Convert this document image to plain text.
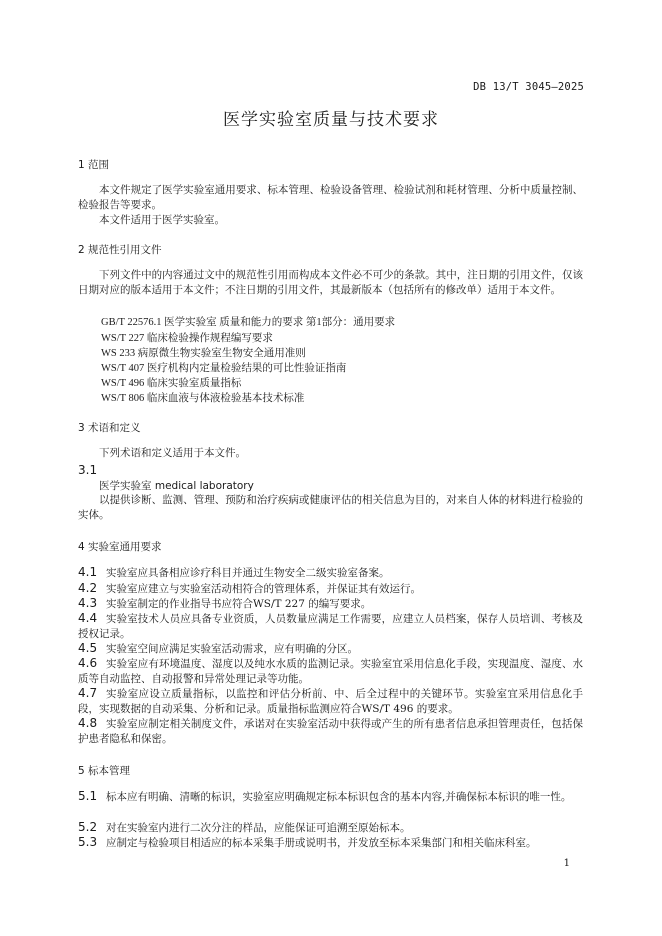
DB 13/T 3045—2025
医学实验室质量与技术要求
1 范围
本文件规定了医学实验室通用要求、标本管理、检验设备管理、检验试剂和耗材管理、分析中质量控制、检验报告等要求。
本文件适用于医学实验室。
2 规范性引用文件
下列文件中的内容通过文中的规范性引用而构成本文件必不可少的条款。其中，注日期的引用文件，仅该日期对应的版本适用于本文件；不注日期的引用文件，其最新版本（包括所有的修改单）适用于本文件。
GB/T 22576.1 医学实验室 质量和能力的要求 第1部分：通用要求
WS/T 227 临床检验操作规程编写要求
WS 233 病原微生物实验室生物安全通用准则
WS/T 407 医疗机构内定量检验结果的可比性验证指南
WS/T 496 临床实验室质量指标
WS/T 806 临床血液与体液检验基本技术标准
3 术语和定义
下列术语和定义适用于本文件。
3.1
医学实验室 medical laboratory
以提供诊断、监测、管理、预防和治疗疾病或健康评估的相关信息为目的，对来自人体的材料进行检验的实体。
4 实验室通用要求
4.1 实验室应具备相应诊疗科目并通过生物安全二级实验室备案。
4.2 实验室应建立与实验室活动相符合的管理体系，并保证其有效运行。
4.3 实验室制定的作业指导书应符合WS/T 227 的编写要求。
4.4 实验室技术人员应具备专业资质，人员数量应满足工作需要，应建立人员档案，保存人员培训、考核及授权记录。
4.5 实验室空间应满足实验室活动需求，应有明确的分区。
4.6 实验室应有环境温度、湿度以及纯水水质的监测记录。实验室宜采用信息化手段，实现温度、湿度、水质等自动监控、自动报警和异常处理记录等功能。
4.7 实验室应设立质量指标，以监控和评估分析前、中、后全过程中的关键环节。实验室宜采用信息化手段，实现数据的自动采集、分析和记录。质量指标监测应符合WS/T 496 的要求。
4.8 实验室应制定相关制度文件，承诺对在实验室活动中获得或产生的所有患者信息承担管理责任，包括保护患者隐私和保密。
5 标本管理
5.1 标本应有明确、清晰的标识，实验室应明确规定标本标识包含的基本内容,并确保标本标识的唯一性。
5.2 对在实验室内进行二次分注的样品，应能保证可追溯至原始标本。
5.3 应制定与检验项目相适应的标本采集手册或说明书，并发放至标本采集部门和相关临床科室。
1
